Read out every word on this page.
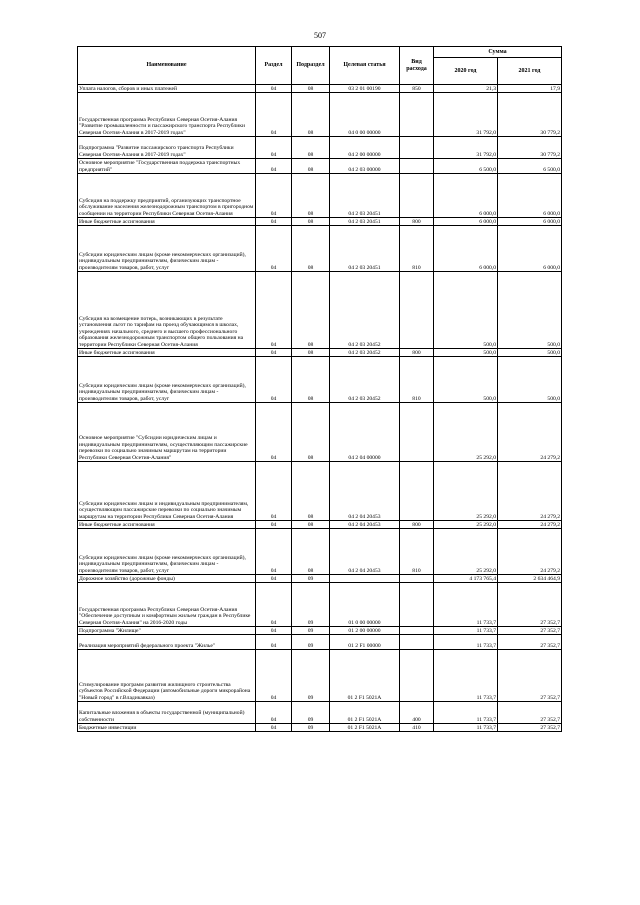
507
Наименование	Раздел	Подраздел	Целевая статья	Вид расхода	Сумма	
					2020 год	2021 год
Уплата налогов, сборов и иных платежей	04	08	03 2 01 00190	850	21,3	17,9
Государственная программа Республики Северная Осетия-Алания "Развитие промышленности и пассажирского транспорта Республики Северная Осетия-Алания в 2017-2019 годах"	04	08	04 0 00 00000		31 792,0	30 779,2
Подпрограмма "Развитие пассажирского транспорта Республики Северная Осетия-Алания в 2017-2019 годах"	04	08	04 2 00 00000		31 792,0	30 779,2
Основное мероприятие "Государственная поддержка транспортных предприятий"	04	08	04 2 03 00000		6 500,0	6 500,0
Субсидия на поддержку предприятий, организующих транспортное обслуживание населения железнодорожным транспортом в пригородном сообщении на территории Республики Северная Осетия-Алания	04	08	04 2 03 20451		6 000,0	6 000,0
Иные бюджетные ассигнования	04	08	04 2 03 20451	800	6 000,0	6 000,0
Субсидии юридическим лицам (кроме некоммерческих организаций), индивидуальным предпринимателям, физическим лицам - производителям товаров, работ, услуг	04	08	04 2 03 20451	810	6 000,0	6 000,0
Субсидия на возмещение потерь, возникающих в результате установления льгот по тарифам на проезд обучающимся в школах, учреждениях начального, среднего и высшего профессионального образования железнодорожным транспортом общего пользования на территории Республики Северная Осетия-Алания	04	08	04 2 03 20452		500,0	500,0
Иные бюджетные ассигнования	04	08	04 2 03 20452	800	500,0	500,0
Субсидии юридическим лицам (кроме некоммерческих организаций), индивидуальным предпринимателям, физическим лицам - производителям товаров, работ, услуг	04	08	04 2 03 20452	810	500,0	500,0
Основное мероприятие "Субсидии юридическим лицам и индивидуальным предпринимателям, осуществляющим пассажирские перевозки по социально значимым маршрутам на территории Республики Северная Осетия-Алания"	04	08	04 2 04 00000		25 292,0	24 279,2
Субсидии юридическим лицам и индивидуальным предпринимателям, осуществляющим пассажирские перевозки по социально значимым маршрутам на территории Республики Северная Осетия-Алания	04	08	04 2 04 20453		25 292,0	24 279,2
Иные бюджетные ассигнования	04	08	04 2 04 20453	800	25 292,0	24 279,2
Субсидии юридическим лицам (кроме некоммерческих организаций), индивидуальным предпринимателям, физическим лицам - производителям товаров, работ, услуг	04	08	04 2 04 20453	810	25 292,0	24 279,2
Дорожное хозяйство (дорожные фонды)	04	09			4 173 765,4	2 634 464,9
Государственная программа Республики Северная Осетия-Алания "Обеспечение доступным и комфортным жильем граждан в Республике Северная Осетия-Алания" на 2016-2020 годы	04	09	01 0 00 00000		11 733,7	27 352,7
Подпрограмма "Жилище"	04	09	01 2 00 00000		11 733,7	27 352,7
Реализация мероприятий федерального проекта "Жилье"	04	09	01 2 F1 00000		11 733,7	27 352,7
Стимулирование программ развития жилищного строительства субъектов Российской Федерации (автомобильные дороги микрорайона "Новый город" в г.Владикавказ)	04	09	01 2 F1 5021A		11 733,7	27 352,7
Капитальные вложения в объекты государственной (муниципальной) собственности	04	09	01 2 F1 5021A	400	11 733,7	27 352,7
Бюджетные инвестиции	04	09	01 2 F1 5021A	410	11 733,7	27 352,7
